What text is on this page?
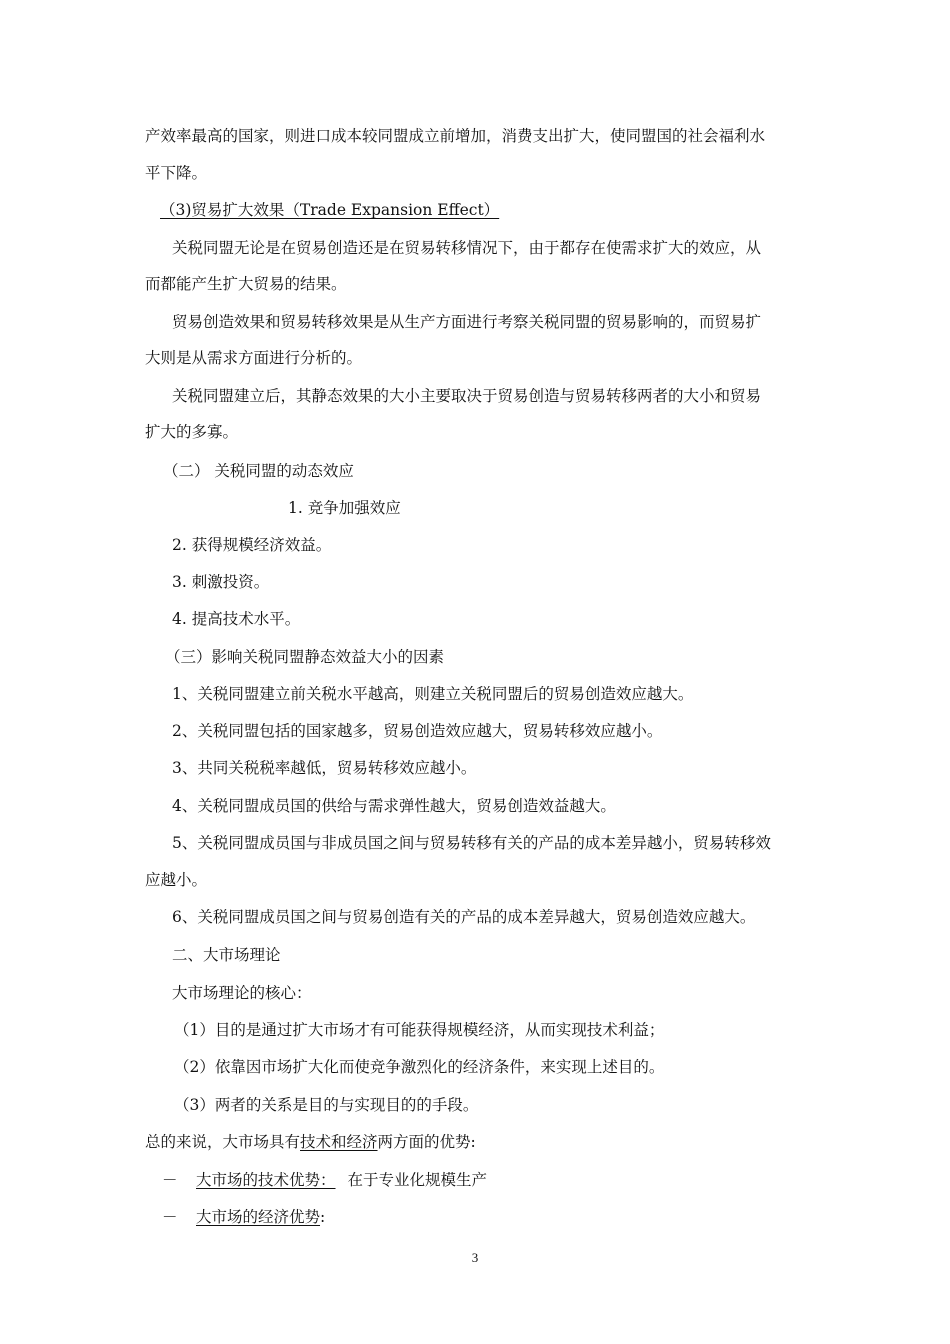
产效率最高的国家，则进口成本较同盟成立前增加，消费支出扩大，使同盟国的社会福利水
平下降。
（3)贸易扩大效果（Trade Expansion Effect）
关税同盟无论是在贸易创造还是在贸易转移情况下，由于都存在使需求扩大的效应，从
而都能产生扩大贸易的结果。
贸易创造效果和贸易转移效果是从生产方面进行考察关税同盟的贸易影响的，而贸易扩
大则是从需求方面进行分析的。
关税同盟建立后，其静态效果的大小主要取决于贸易创造与贸易转移两者的大小和贸易
扩大的多寡。
（二） 关税同盟的动态效应
1. 竞争加强效应
2. 获得规模经济效益。
3. 刺激投资。
4. 提高技术水平。
（三）影响关税同盟静态效益大小的因素
1、关税同盟建立前关税水平越高，则建立关税同盟后的贸易创造效应越大。
2、关税同盟包括的国家越多，贸易创造效应越大，贸易转移效应越小。
3、共同关税税率越低，贸易转移效应越小。
4、关税同盟成员国的供给与需求弹性越大，贸易创造效益越大。
5、关税同盟成员国与非成员国之间与贸易转移有关的产品的成本差异越小，贸易转移效
应越小。
6、关税同盟成员国之间与贸易创造有关的产品的成本差异越大，贸易创造效应越大。
二、大市场理论
大市场理论的核心：
（1）目的是通过扩大市场才有可能获得规模经济，从而实现技术利益；
（2）依靠因市场扩大化而使竞争激烈化的经济条件，来实现上述目的。
（3）两者的关系是目的与实现目的的手段。
总的来说，大市场具有技术和经济两方面的优势:
－ 大市场的技术优势： 在于专业化规模生产
－ 大市场的经济优势:
3
